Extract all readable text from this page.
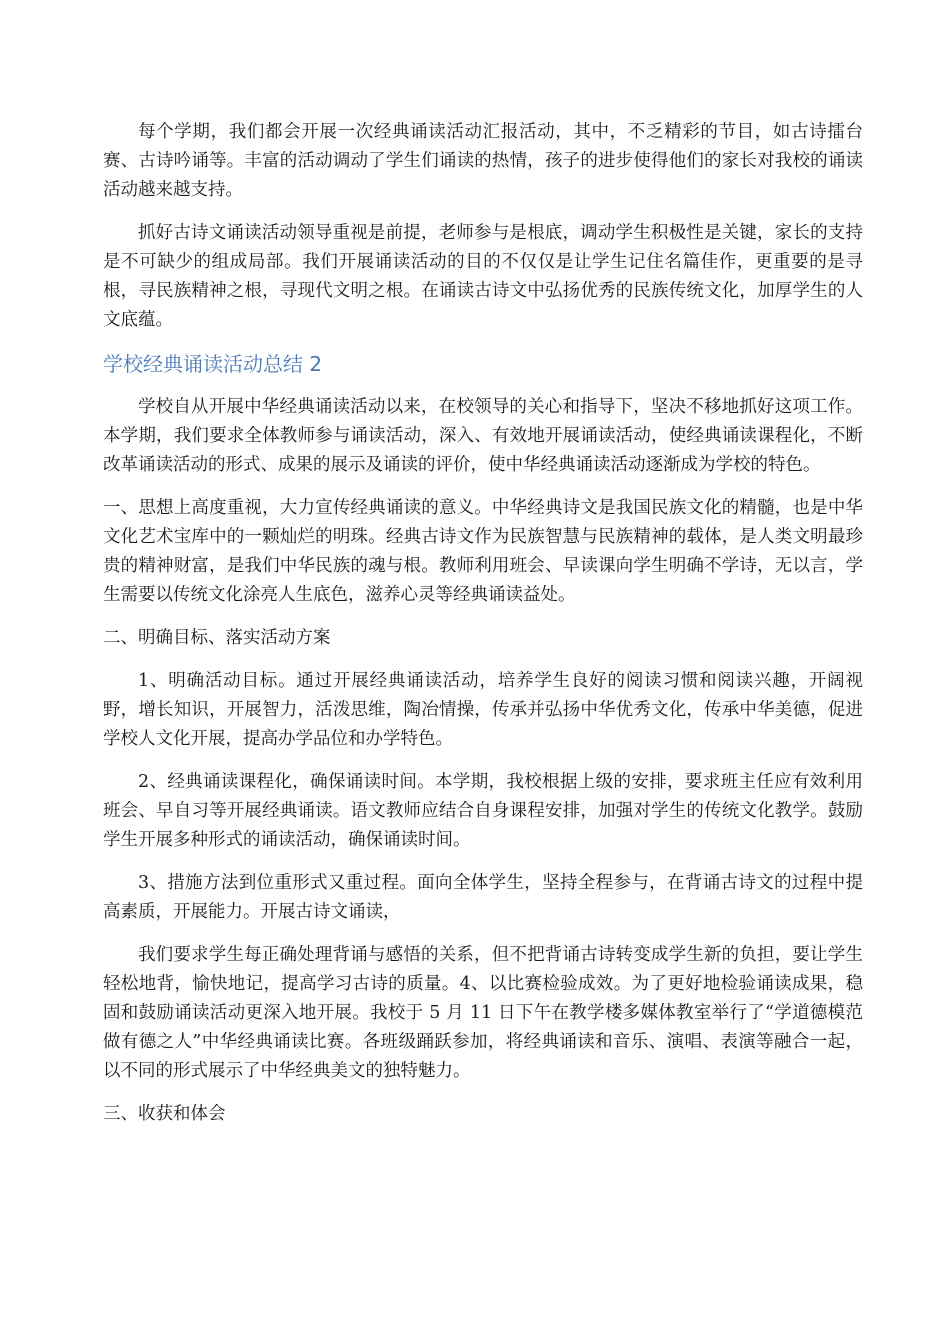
每个学期，我们都会开展一次经典诵读活动汇报活动，其中，不乏精彩的节目，如古诗擂台赛、古诗吟诵等。丰富的活动调动了学生们诵读的热情，孩子的进步使得他们的家长对我校的诵读活动越来越支持。

抓好古诗文诵读活动领导重视是前提，老师参与是根底，调动学生积极性是关键，家长的支持是不可缺少的组成局部。我们开展诵读活动的目的不仅仅是让学生记住名篇佳作，更重要的是寻根，寻民族精神之根，寻现代文明之根。在诵读古诗文中弘扬优秀的民族传统文化，加厚学生的人文底蕴。

学校经典诵读活动总结 2

学校自从开展中华经典诵读活动以来，在校领导的关心和指导下，坚决不移地抓好这项工作。本学期，我们要求全体教师参与诵读活动，深入、有效地开展诵读活动，使经典诵读课程化，不断改革诵读活动的形式、成果的展示及诵读的评价，使中华经典诵读活动逐渐成为学校的特色。

一、思想上高度重视，大力宣传经典诵读的意义。中华经典诗文是我国民族文化的精髓，也是中华文化艺术宝库中的一颗灿烂的明珠。经典古诗文作为民族智慧与民族精神的载体，是人类文明最珍贵的精神财富，是我们中华民族的魂与根。教师利用班会、早读课向学生明确不学诗，无以言，学生需要以传统文化涂亮人生底色，滋养心灵等经典诵读益处。

二、明确目标、落实活动方案

1、明确活动目标。通过开展经典诵读活动，培养学生良好的阅读习惯和阅读兴趣，开阔视野，增长知识，开展智力，活泼思维，陶冶情操，传承并弘扬中华优秀文化，传承中华美德，促进学校人文化开展，提高办学品位和办学特色。

2、经典诵读课程化，确保诵读时间。本学期，我校根据上级的安排，要求班主任应有效利用班会、早自习等开展经典诵读。语文教师应结合自身课程安排，加强对学生的传统文化教学。鼓励学生开展多种形式的诵读活动，确保诵读时间。

3、措施方法到位重形式又重过程。面向全体学生，坚持全程参与，在背诵古诗文的过程中提高素质，开展能力。开展古诗文诵读，

我们要求学生每正确处理背诵与感悟的关系，但不把背诵古诗转变成学生新的负担，要让学生轻松地背，愉快地记，提高学习古诗的质量。4、以比赛检验成效。为了更好地检验诵读成果，稳固和鼓励诵读活动更深入地开展。我校于 5 月 11 日下午在教学楼多媒体教室举行了“学道德模范做有德之人”中华经典诵读比赛。各班级踊跃参加，将经典诵读和音乐、演唱、表演等融合一起，以不同的形式展示了中华经典美文的独特魅力。

三、收获和体会
